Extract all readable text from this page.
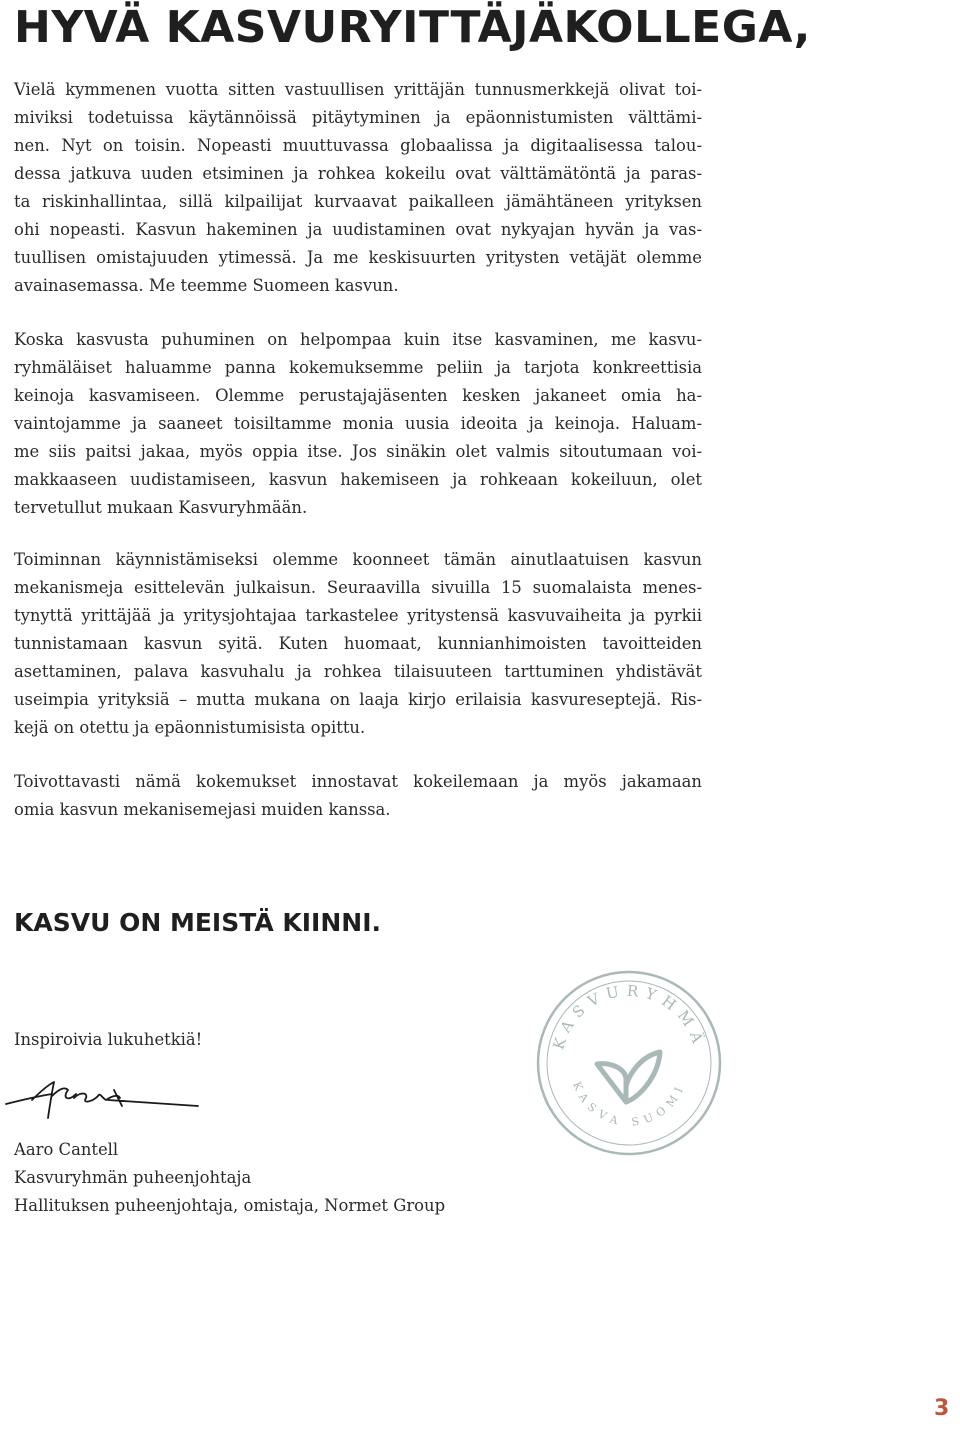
HYVÄ KASVURYITTÄJÄKOLLEGA,
Vielä kymmenen vuotta sitten vastuullisen yrittäjän tunnusmerkkejä olivat toi-
miviksi todetuissa käytännöissä pitäytyminen ja epäonnistumisten välttämi-
nen. Nyt on toisin. Nopeasti muuttuvassa globaalissa ja digitaalisessa talou-
dessa jatkuva uuden etsiminen ja rohkea kokeilu ovat välttämätöntä ja paras-
ta riskinhallintaa, sillä kilpailijat kurvaavat paikalleen jämähtäneen yrityksen
ohi nopeasti. Kasvun hakeminen ja uudistaminen ovat nykyajan hyvän ja vas-
tuullisen omistajuuden ytimessä. Ja me keskisuurten yritysten vetäjät olemme
avainasemassa. Me teemme Suomeen kasvun.
Koska kasvusta puhuminen on helpompaa kuin itse kasvaminen, me kasvu-
ryhmäläiset haluamme panna kokemuksemme peliin ja tarjota konkreettisia
keinoja kasvamiseen. Olemme perustajajäsenten kesken jakaneet omia ha-
vaintojamme ja saaneet toisiltamme monia uusia ideoita ja keinoja. Haluam-
me siis paitsi jakaa, myös oppia itse. Jos sinäkin olet valmis sitoutumaan voi-
makkaaseen uudistamiseen, kasvun hakemiseen ja rohkeaan kokeiluun, olet
tervetullut mukaan Kasvuryhmään.
Toiminnan käynnistämiseksi olemme koonneet tämän ainutlaatuisen kasvun
mekanismeja esittelevän julkaisun. Seuraavilla sivuilla 15 suomalaista menes-
tynyttä yrittäjää ja yritysjohtajaa tarkastelee yritystensä kasvuvaiheita ja pyrkii
tunnistamaan kasvun syitä. Kuten huomaat, kunnianhimoisten tavoitteiden
asettaminen, palava kasvuhalu ja rohkea tilaisuuteen tarttuminen yhdistävät
useimpia yrityksiä – mutta mukana on laaja kirjo erilaisia kasvureseptejä. Ris-
kejä on otettu ja epäonnistumisista opittu.
Toivottavasti nämä kokemukset innostavat kokeilemaan ja myös jakamaan
omia kasvun mekanisemejasi muiden kanssa.
KASVU ON MEISTÄ KIINNI.

Inspiroivia lukuhetkiä!

Aaro Cantell
Kasvuryhmän puheenjohtaja
Hallituksen puheenjohtaja, omistaja, Normet Group
KASVURYHMÄ
KASVA SUOMI
3
